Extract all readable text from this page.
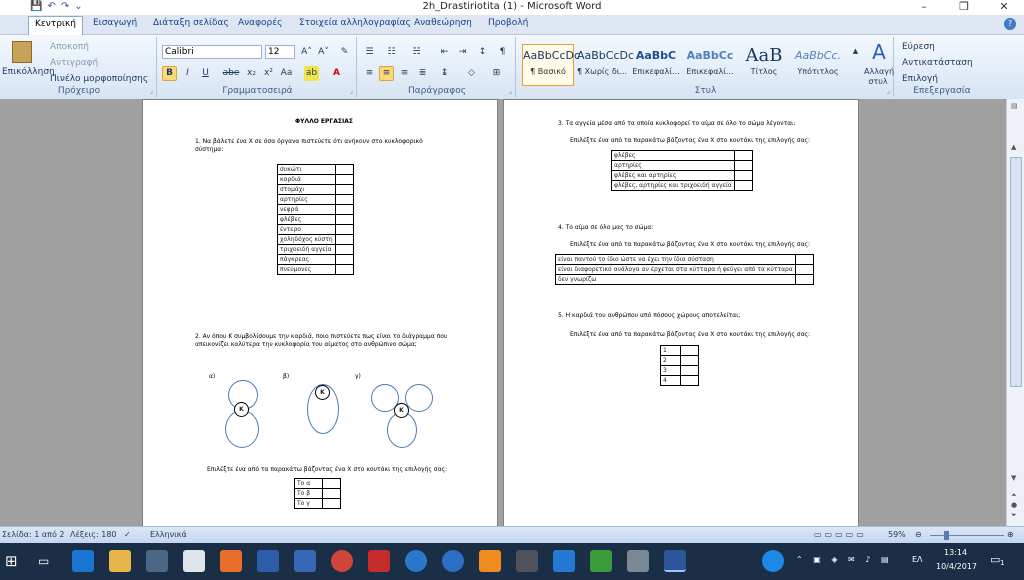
💾 ↶ ↷ ⌄	2h_Drastiriotita (1) - Microsoft Word	–	❐	✕
Κεντρική	Εισαγωγή Διάταξη σελίδας Αναφορές Στοιχεία αλληλογραφίας Αναθεώρηση Προβολή	?
Επικόλληση
Αποκοπή
Αντιγραφή
Πινέλο μορφοποίησης
Πρόχειρο	⌟
Calibri	12	A˄ A˅	✎
B	I	U	abe x₂ x² Aa ab	A
Γραμματοσειρά	⌟
☰	☷	☵	⇤	⇥	↕	¶
≡	≡	≡	≣	↨	◇	⊞
Παράγραφος	⌟
AaBbCcDc
¶ Βασικό
AaBbCcDc
¶ Χωρίς δι...
AaBbC
Επικεφαλί...
AaBbCc
Επικεφαλί...
AaB
Τίτλος
AaBbCc.
Υπότιτλος
▲ A
Αλλαγή στυλ
Στυλ	⌟
Εύρεση
Αντικατάσταση
Επιλογή
Επεξεργασία
ΦΥΛΛΟ ΕΡΓΑΣΙΑΣ
1. Να βάλετε ένα X σε όσα όργανα πιστεύετε ότι ανήκουν στο κυκλοφορικό σύστημα:
συκώτι	
καρδιά	
στομάχι	
αρτηρίες	
νεφρά	
φλέβες	
έντερο	
χοληδόχος κύστη	
τριχοειδή αγγεία	
πάγκρεας	
πνεύμονες	
2. Αν όπου Κ συμβολίσουμε την καρδιά, ποιο πιστεύετε πως είναι το διάγραμμα που απεικονίζει καλύτερα την κυκλοφορία του αίματος στο ανθρώπινο σώμα;
α)	β)	γ)
Κ
Κ
Κ
Επιλέξτε ένα από τα παρακάτω βάζοντας ένα X στο κουτάκι της επιλογής σας:
Το α	
Το β	
Το γ	
3. Τα αγγεία μέσα από τα οποία κυκλοφορεί το αίμα σε όλο το σώμα λέγονται:
Επιλέξτε ένα από τα παρακάτω βάζοντας ένα X στο κουτάκι της επιλογής σας:
φλέβες	
αρτηρίες	
φλέβες και αρτηρίες	
φλέβες, αρτηρίες και τριχοειδή αγγεία	
4. Το αίμα σε όλο μας το σώμα:
Επιλέξτε ένα από τα παρακάτω βάζοντας ένα X στο κουτάκι της επιλογής σας:
είναι παντού το ίδιο ώστε να έχει την ίδια σύσταση	
είναι διαφορετικό ανάλογα αν έρχεται στα κύτταρα ή φεύγει από τα κύτταρα	
δεν γνωρίζω	
5. Η καρδιά του ανθρώπου από πόσους χώρους αποτελείται;
Επιλέξτε ένα από τα παρακάτω βάζοντας ένα X στο κουτάκι της επιλογής σας:
1	
2	
3	
4	
▤
▲
▼
⏶
●
⏷
Σελίδα: 1 από 2 Λέξεις: 180 ✓ Ελληνικά	▭▭▭▭▭	59% ⊖	⊕
⊞ ▭	⌃ ▣ ◈ ✉ ♪ ▤ ΕΛ
13:14
10/4/2017
▭ 1
